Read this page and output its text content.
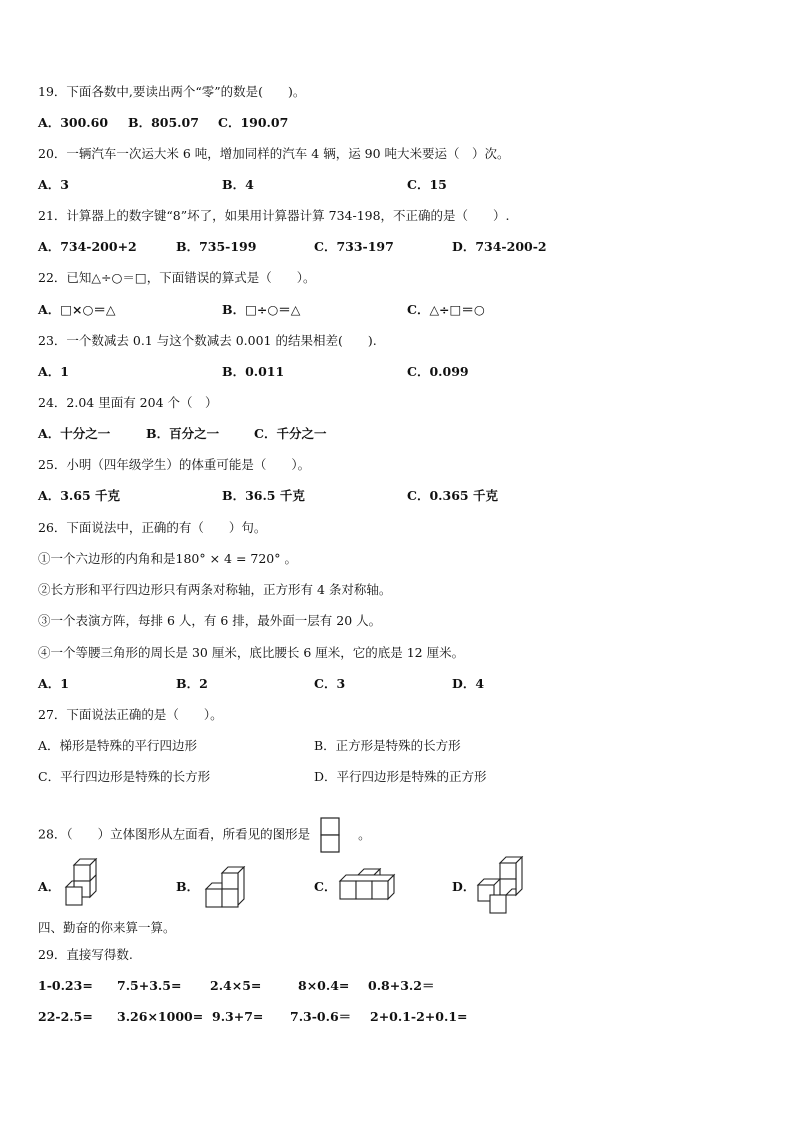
19．下面各数中,要读出两个“零”的数是(　　)。
A．300.60 B．805.07 C．190.07
20．一辆汽车一次运大米 6 吨，增加同样的汽车 4 辆，运 90 吨大米要运（　）次。
A．3	B．4	C．15
21．计算器上的数字键“8”坏了，如果用计算器计算 734-198，不正确的是（　　）.
A．734-200+2	B．735-199	C．733-197	D．734-200-2
22．已知△÷○＝□，下面错误的算式是（　　）。
A．□×○＝△	B．□÷○＝△	C．△÷□＝○
23．一个数减去 0.1 与这个数减去 0.001 的结果相差(　　).
A．1	B．0.011	C．0.099
24．2.04 里面有 204 个（　）
A．十分之一	B．百分之一	C．千分之一
25．小明（四年级学生）的体重可能是（　　）。
A．3.65 千克	B．36.5 千克	C．0.365 千克
26．下面说法中，正确的有（　　）句。
①一个六边形的内角和是180° × 4 = 720° 。
②长方形和平行四边形只有两条对称轴，正方形有 4 条对称轴。
③一个表演方阵，每排 6 人，有 6 排，最外面一层有 20 人。
④一个等腰三角形的周长是 30 厘米，底比腰长 6 厘米，它的底是 12 厘米。
A．1	B．2	C．3	D．4
27．下面说法正确的是（　　）。
A．梯形是特殊的平行四边形	B．正方形是特殊的长方形
C．平行四边形是特殊的长方形	D．平行四边形是特殊的正方形
28．（　　）立体图形从左面看，所看见的图形是	。
A．	B．	C．	D．
四、勤奋的你来算一算。
29．直接写得数.
1-0.23= 7.5+3.5= 2.4×5=	8×0.4= 0.8+3.2＝
22-2.5= 3.26×1000= 9.3+7= 7.3-0.6＝ 2+0.1-2+0.1=
